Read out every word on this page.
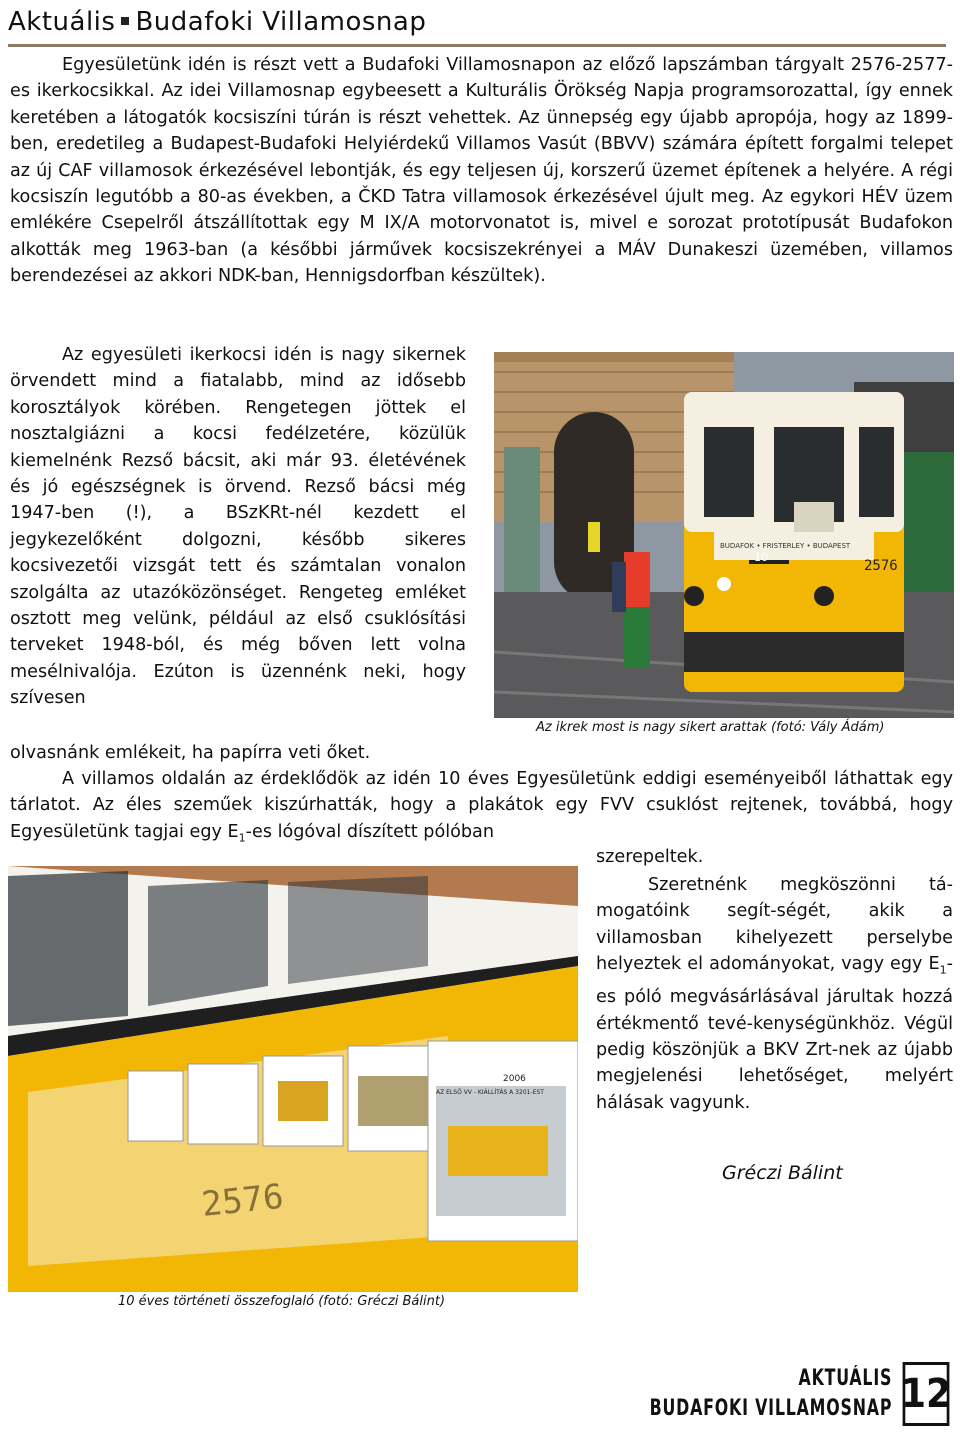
Aktuális Budafoki Villamosnap

Egyesületünk idén is részt vett a Budafoki Villamosnapon az előző lapszámban tárgyalt 2576-2577-es ikerkocsikkal. Az idei Villamosnap egybeesett a Kulturális Örökség Napja programsorozattal, így ennek keretében a látogatók kocsiszíni túrán is részt vehettek. Az ünnepség egy újabb apropója, hogy az 1899-ben, eredetileg a Budapest-Budafoki Helyiérdekű Villamos Vasút (BBVV) számára épített forgalmi telepet az új CAF villamosok érkezésével lebontják, és egy teljesen új, korszerű üzemet építenek a helyére. A régi kocsiszín legutóbb a 80-as években, a ČKD Tatra villamosok érkezésével újult meg. Az egykori HÉV üzem emlékére Csepelről átszállítottak egy M IX/A motorvonatot is, mivel e sorozat prototípusát Budafokon alkották meg 1963-ban (a későbbi járművek kocsiszekrényei a MÁV Dunakeszi üzemében, villamos berendezései az akkori NDK-ban, Hennigsdorfban készültek).

Az egyesületi ikerkocsi idén is nagy sikernek örvendett mind a fiatalabb, mind az idősebb korosztályok körében. Rengetegen jöttek el nosztalgiázni a kocsi fedélzetére, közülük kiemelnénk Rezső bácsit, aki már 93. életévének és jó egészségnek is örvend. Rezső bácsi még 1947-ben (!), a BSzKRt-nél kezdett el jegykezelőként dolgozni, később sikeres kocsivezetői vizsgát tett és számtalan vonalon szolgálta az utazóközönséget. Rengeteg emléket osztott meg velünk, például az első csuklósítási terveket 1948-ból, és még bőven lett volna mesélnivalója. Ezúton is üzennénk neki, hogy szívesen

olvasnánk emlékeit, ha papírra veti őket.

10
BUDAFOK • FRISTERLEY • BUDAPEST
2576
Az ikrek most is nagy sikert arattak (fotó: Vály Ádám)

A villamos oldalán az érdeklődök az idén 10 éves Egyesületünk eddigi eseményeiből láthattak egy tárlatot. Az éles szeműek kiszúrhatták, hogy a plakátok egy FVV csuklóst rejtenek, továbbá, hogy Egyesületünk tagjai egy $E_1-es$ lógóval díszített pólóban

szerepeltek.

2006
AZ ELSŐ VV - KIÁLLÍTÁS A 3201-EST
2576
10 éves történeti összefoglaló (fotó: Gréczi Bálint)

Szeretnénk megköszönni tá-mogatóink segít-ségét, akik a villamosban kihelyezett perselybe helyeztek el adományokat, vagy egy $E_1-es$ póló megvásárlásával járultak hozzá értékmentő tevé-kenységünkhöz. Végül pedig köszönjük a BKV Zrt-nek az újabb megjelenési lehetőséget, melyért hálásak vagyunk.

Gréczi Bálint
AKTUÁLIS
BUDAFOKI VILLAMOSNAP 12
